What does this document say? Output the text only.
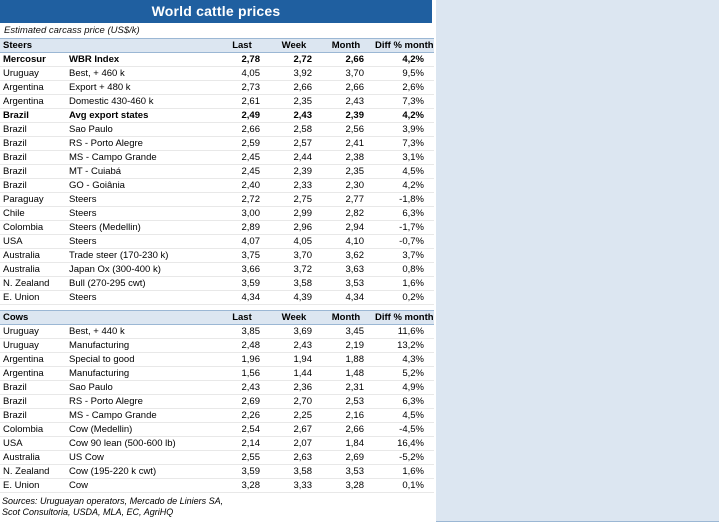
World cattle prices
Estimated carcass price (US$/k)
Steers		Last	Week	Month	Diff % month
Mercosur	WBR Index	2,78	2,72	2,66	4,2%
Uruguay	Best, + 460 k	4,05	3,92	3,70	9,5%
Argentina	Export + 480 k	2,73	2,66	2,66	2,6%
Argentina	Domestic 430-460 k	2,61	2,35	2,43	7,3%
Brazil	Avg export states	2,49	2,43	2,39	4,2%
Brazil	Sao Paulo	2,66	2,58	2,56	3,9%
Brazil	RS - Porto Alegre	2,59	2,57	2,41	7,3%
Brazil	MS - Campo Grande	2,45	2,44	2,38	3,1%
Brazil	MT - Cuiabá	2,45	2,39	2,35	4,5%
Brazil	GO - Goiânia	2,40	2,33	2,30	4,2%
Paraguay	Steers	2,72	2,75	2,77	-1,8%
Chile	Steers	3,00	2,99	2,82	6,3%
Colombia	Steers (Medellin)	2,89	2,96	2,94	-1,7%
USA	Steers	4,07	4,05	4,10	-0,7%
Australia	Trade steer (170-230 k)	3,75	3,70	3,62	3,7%
Australia	Japan Ox (300-400 k)	3,66	3,72	3,63	0,8%
N. Zealand	Bull (270-295 cwt)	3,59	3,58	3,53	1,6%
E. Union	Steers	4,34	4,39	4,34	0,2%

Cows		Last	Week	Month	Diff % month
Uruguay	Best, + 440 k	3,85	3,69	3,45	11,6%
Uruguay	Manufacturing	2,48	2,43	2,19	13,2%
Argentina	Special to good	1,96	1,94	1,88	4,3%
Argentina	Manufacturing	1,56	1,44	1,48	5,2%
Brazil	Sao Paulo	2,43	2,36	2,31	4,9%
Brazil	RS - Porto Alegre	2,69	2,70	2,53	6,3%
Brazil	MS - Campo Grande	2,26	2,25	2,16	4,5%
Colombia	Cow (Medellin)	2,54	2,67	2,66	-4,5%
USA	Cow 90 lean (500-600 lb)	2,14	2,07	1,84	16,4%
Australia	US Cow	2,55	2,63	2,69	-5,2%
N. Zealand	Cow (195-220 k cwt)	3,59	3,58	3,53	1,6%
E. Union	Cow	3,28	3,33	3,28	0,1%
Sources: Uruguayan operators, Mercado de Liniers SA,
Scot Consultoria, USDA, MLA, EC, AgriHQ
